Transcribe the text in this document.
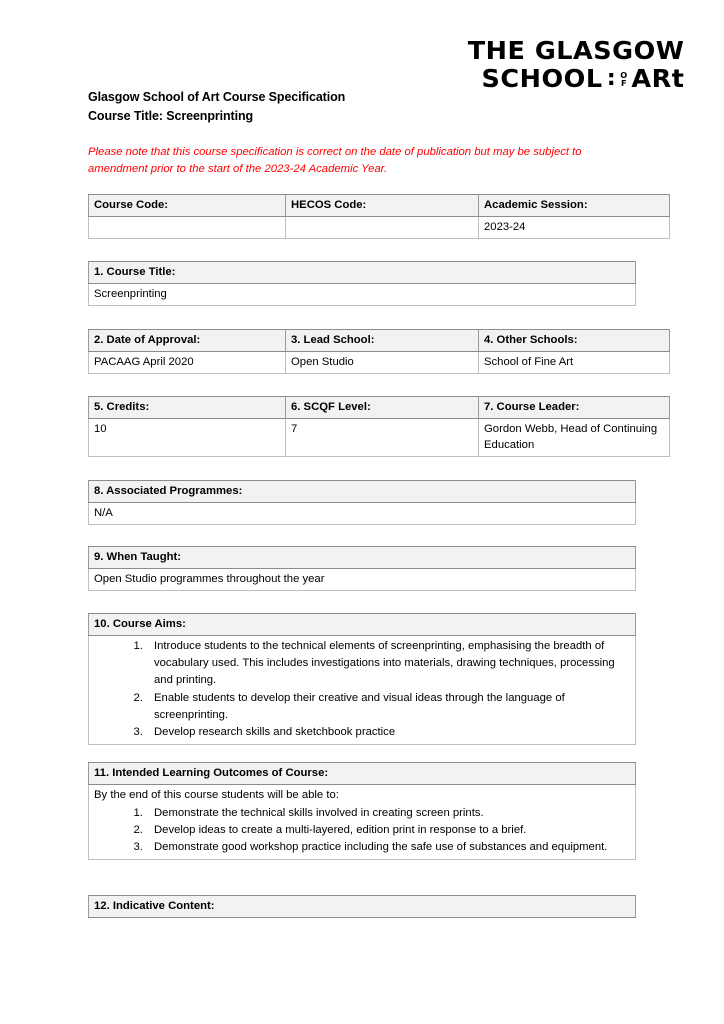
THE GLASGOW
SCHOOL : O
F ARt
Glasgow School of Art Course Specification
Course Title: Screenprinting
Please note that this course specification is correct on the date of publication but may be subject to amendment prior to the start of the 2023-24 Academic Year.
Course Code:	HECOS Code:	Academic Session:
		2023-24
1. Course Title:
Screenprinting
2. Date of Approval:	3. Lead School:	4. Other Schools:
PACAAG April 2020	Open Studio	School of Fine Art
5. Credits:	6. SCQF Level:	7. Course Leader:
10	7	Gordon Webb, Head of Continuing Education
8. Associated Programmes:
N/A
9. When Taught:
Open Studio programmes throughout the year
10. Course Aims:

1. Introduce students to the technical elements of screenprinting, emphasising the breadth of vocabulary used. This includes investigations into materials, drawing techniques, processing and printing.
2. Enable students to develop their creative and visual ideas through the language of screenprinting.
3. Develop research skills and sketchbook practice
11. Intended Learning Outcomes of Course:

By the end of this course students will be able to:

1. Demonstrate the technical skills involved in creating screen prints.
2. Develop ideas to create a multi-layered, edition print in response to a brief.
3. Demonstrate good workshop practice including the safe use of substances and equipment.
12. Indicative Content:
